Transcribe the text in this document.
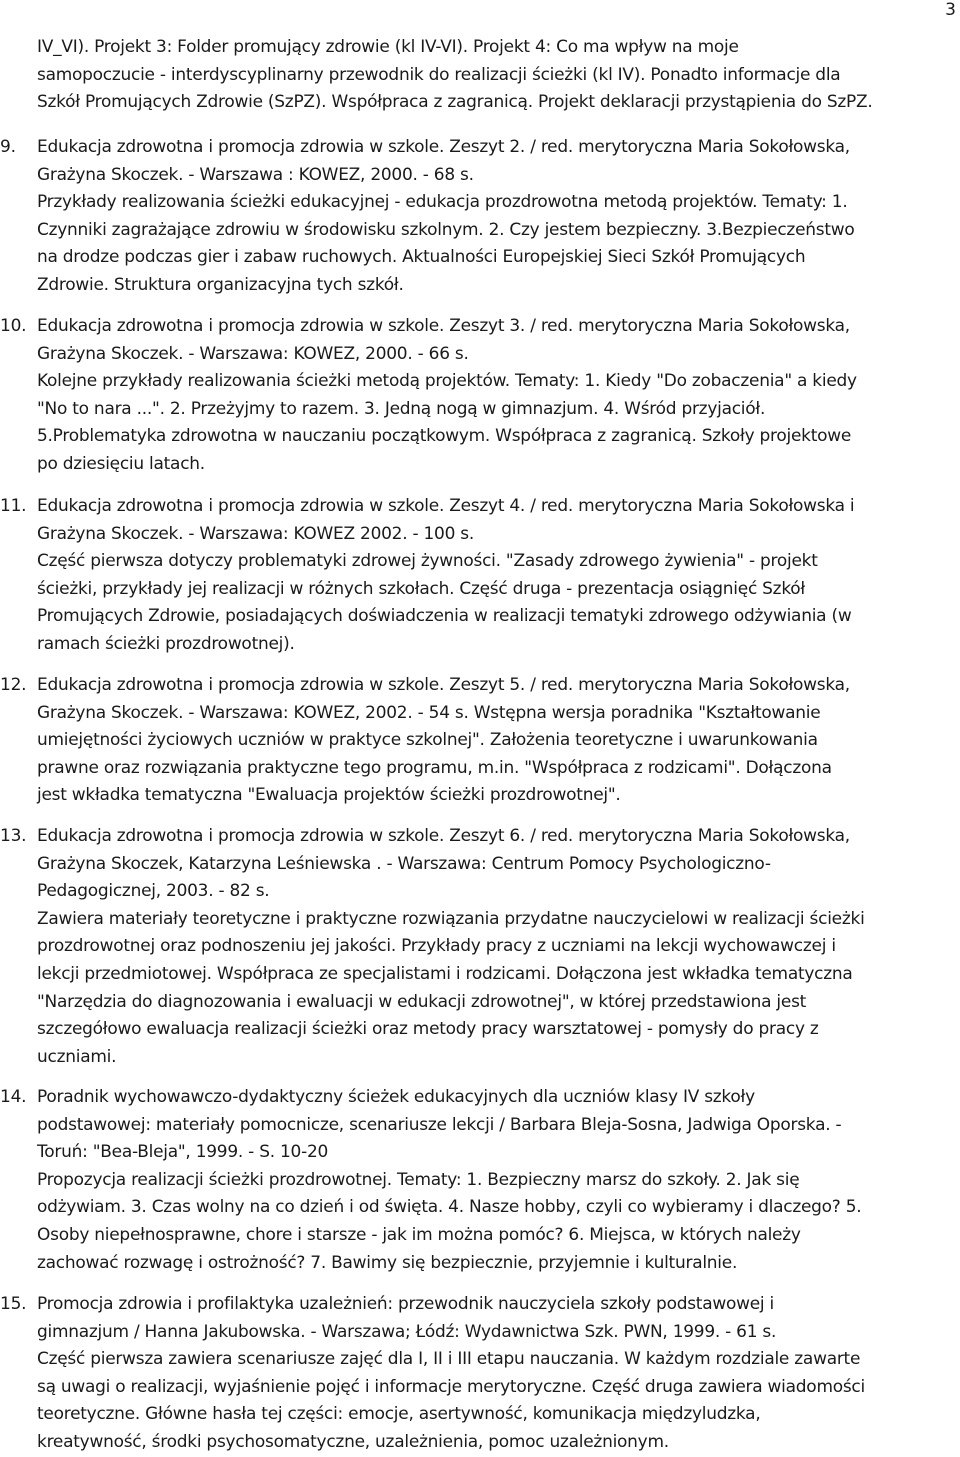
3
IV_VI). Projekt 3: Folder promujący zdrowie (kl IV-VI). Projekt 4: Co ma wpływ na moje
samopoczucie - interdyscyplinarny przewodnik do realizacji ścieżki (kl IV). Ponadto informacje dla
Szkół Promujących Zdrowie (SzPZ). Współpraca z zagranicą. Projekt deklaracji przystąpienia do SzPZ.
9.	Edukacja zdrowotna i promocja zdrowia w szkole. Zeszyt 2. / red. merytoryczna Maria Sokołowska,
Grażyna Skoczek. - Warszawa : KOWEZ, 2000. - 68 s.
Przykłady realizowania ścieżki edukacyjnej - edukacja prozdrowotna metodą projektów. Tematy: 1.
Czynniki zagrażające zdrowiu w środowisku szkolnym. 2. Czy jestem bezpieczny. 3.Bezpieczeństwo
na drodze podczas gier i zabaw ruchowych. Aktualności Europejskiej Sieci Szkół Promujących
Zdrowie. Struktura organizacyjna tych szkół.
10. Edukacja zdrowotna i promocja zdrowia w szkole. Zeszyt 3. / red. merytoryczna Maria Sokołowska,
Grażyna Skoczek. - Warszawa: KOWEZ, 2000. - 66 s.
Kolejne przykłady realizowania ścieżki metodą projektów. Tematy: 1. Kiedy "Do zobaczenia" a kiedy
"No to nara ...". 2. Przeżyjmy to razem. 3. Jedną nogą w gimnazjum. 4. Wśród przyjaciół.
5.Problematyka zdrowotna w nauczaniu początkowym. Współpraca z zagranicą. Szkoły projektowe
po dziesięciu latach.
11. Edukacja zdrowotna i promocja zdrowia w szkole. Zeszyt 4. / red. merytoryczna Maria Sokołowska i
Grażyna Skoczek. - Warszawa: KOWEZ 2002. - 100 s.
Część pierwsza dotyczy problematyki zdrowej żywności. "Zasady zdrowego żywienia" - projekt
ścieżki, przykłady jej realizacji w różnych szkołach. Część druga - prezentacja osiągnięć Szkół
Promujących Zdrowie, posiadających doświadczenia w realizacji tematyki zdrowego odżywiania (w
ramach ścieżki prozdrowotnej).
12. Edukacja zdrowotna i promocja zdrowia w szkole. Zeszyt 5. / red. merytoryczna Maria Sokołowska,
Grażyna Skoczek. - Warszawa: KOWEZ, 2002. - 54 s. Wstępna wersja poradnika "Kształtowanie
umiejętności życiowych uczniów w praktyce szkolnej". Założenia teoretyczne i uwarunkowania
prawne oraz rozwiązania praktyczne tego programu, m.in. "Współpraca z rodzicami". Dołączona
jest wkładka tematyczna "Ewaluacja projektów ścieżki prozdrowotnej".
13. Edukacja zdrowotna i promocja zdrowia w szkole. Zeszyt 6. / red. merytoryczna Maria Sokołowska,
Grażyna Skoczek, Katarzyna Leśniewska . - Warszawa: Centrum Pomocy Psychologiczno-
Pedagogicznej, 2003. - 82 s.
Zawiera materiały teoretyczne i praktyczne rozwiązania przydatne nauczycielowi w realizacji ścieżki
prozdrowotnej oraz podnoszeniu jej jakości. Przykłady pracy z uczniami na lekcji wychowawczej i
lekcji przedmiotowej. Współpraca ze specjalistami i rodzicami. Dołączona jest wkładka tematyczna
"Narzędzia do diagnozowania i ewaluacji w edukacji zdrowotnej", w której przedstawiona jest
szczegółowo ewaluacja realizacji ścieżki oraz metody pracy warsztatowej - pomysły do pracy z
uczniami.
14. Poradnik wychowawczo-dydaktyczny ścieżek edukacyjnych dla uczniów klasy IV szkoły
podstawowej: materiały pomocnicze, scenariusze lekcji / Barbara Bleja-Sosna, Jadwiga Oporska. -
Toruń: "Bea-Bleja", 1999. - S. 10-20
Propozycja realizacji ścieżki prozdrowotnej. Tematy: 1. Bezpieczny marsz do szkoły. 2. Jak się
odżywiam. 3. Czas wolny na co dzień i od święta. 4. Nasze hobby, czyli co wybieramy i dlaczego? 5.
Osoby niepełnosprawne, chore i starsze - jak im można pomóc? 6. Miejsca, w których należy
zachować rozwagę i ostrożność? 7. Bawimy się bezpiecznie, przyjemnie i kulturalnie.
15. Promocja zdrowia i profilaktyka uzależnień: przewodnik nauczyciela szkoły podstawowej i
gimnazjum / Hanna Jakubowska. - Warszawa; Łódź: Wydawnictwa Szk. PWN, 1999. - 61 s.
Część pierwsza zawiera scenariusze zajęć dla I, II i III etapu nauczania. W każdym rozdziale zawarte
są uwagi o realizacji, wyjaśnienie pojęć i informacje merytoryczne. Część druga zawiera wiadomości
teoretyczne. Główne hasła tej części: emocje, asertywność, komunikacja międzyludzka,
kreatywność, środki psychosomatyczne, uzależnienia, pomoc uzależnionym.
